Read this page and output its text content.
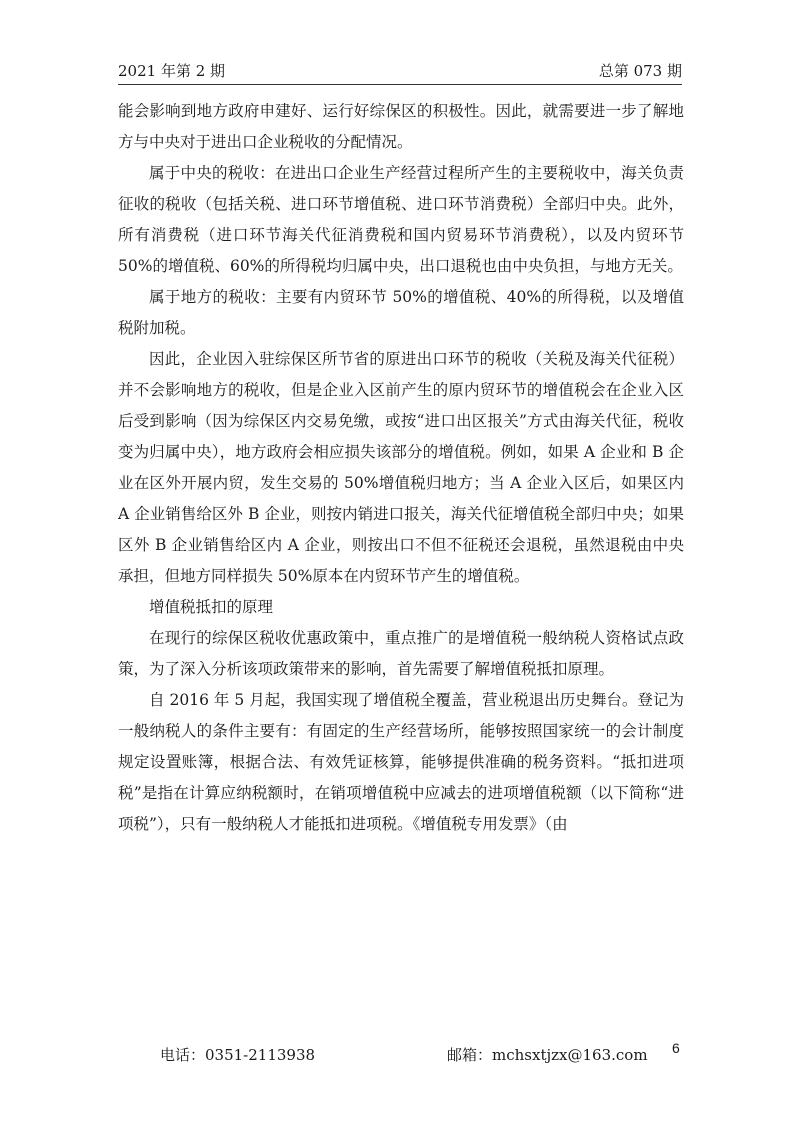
2021 年第 2 期	总第 073 期

能会影响到地方政府申建好、运行好综保区的积极性。因此，就需要进一步了解地方与中央对于进出口企业税收的分配情况。

属于中央的税收：在进出口企业生产经营过程所产生的主要税收中，海关负责征收的税收（包括关税、进口环节增值税、进口环节消费税）全部归中央。此外，所有消费税（进口环节海关代征消费税和国内贸易环节消费税），以及内贸环节 50%的增值税、60%的所得税均归属中央，出口退税也由中央负担，与地方无关。

属于地方的税收：主要有内贸环节 50%的增值税、40%的所得税，以及增值税附加税。

因此，企业因入驻综保区所节省的原进出口环节的税收（关税及海关代征税）并不会影响地方的税收，但是企业入区前产生的原内贸环节的增值税会在企业入区后受到影响（因为综保区内交易免缴，或按“进口出区报关”方式由海关代征，税收变为归属中央），地方政府会相应损失该部分的增值税。例如，如果 A 企业和 B 企业在区外开展内贸，发生交易的 50%增值税归地方；当 A 企业入区后，如果区内 A 企业销售给区外 B 企业，则按内销进口报关，海关代征增值税全部归中央；如果区外 B 企业销售给区内 A 企业，则按出口不但不征税还会退税，虽然退税由中央承担，但地方同样损失 50%原本在内贸环节产生的增值税。

增值税抵扣的原理

在现行的综保区税收优惠政策中，重点推广的是增值税一般纳税人资格试点政策，为了深入分析该项政策带来的影响，首先需要了解增值税抵扣原理。

自 2016 年 5 月起，我国实现了增值税全覆盖，营业税退出历史舞台。登记为一般纳税人的条件主要有：有固定的生产经营场所，能够按照国家统一的会计制度规定设置账簿，根据合法、有效凭证核算，能够提供准确的税务资料。“抵扣进项税”是指在计算应纳税额时，在销项增值税中应减去的进项增值税额（以下简称“进项税”），只有一般纳税人才能抵扣进项税。《增值税专用发票》（由

电话：0351-2113938	邮箱：mchsxtjzx@163.com 6
